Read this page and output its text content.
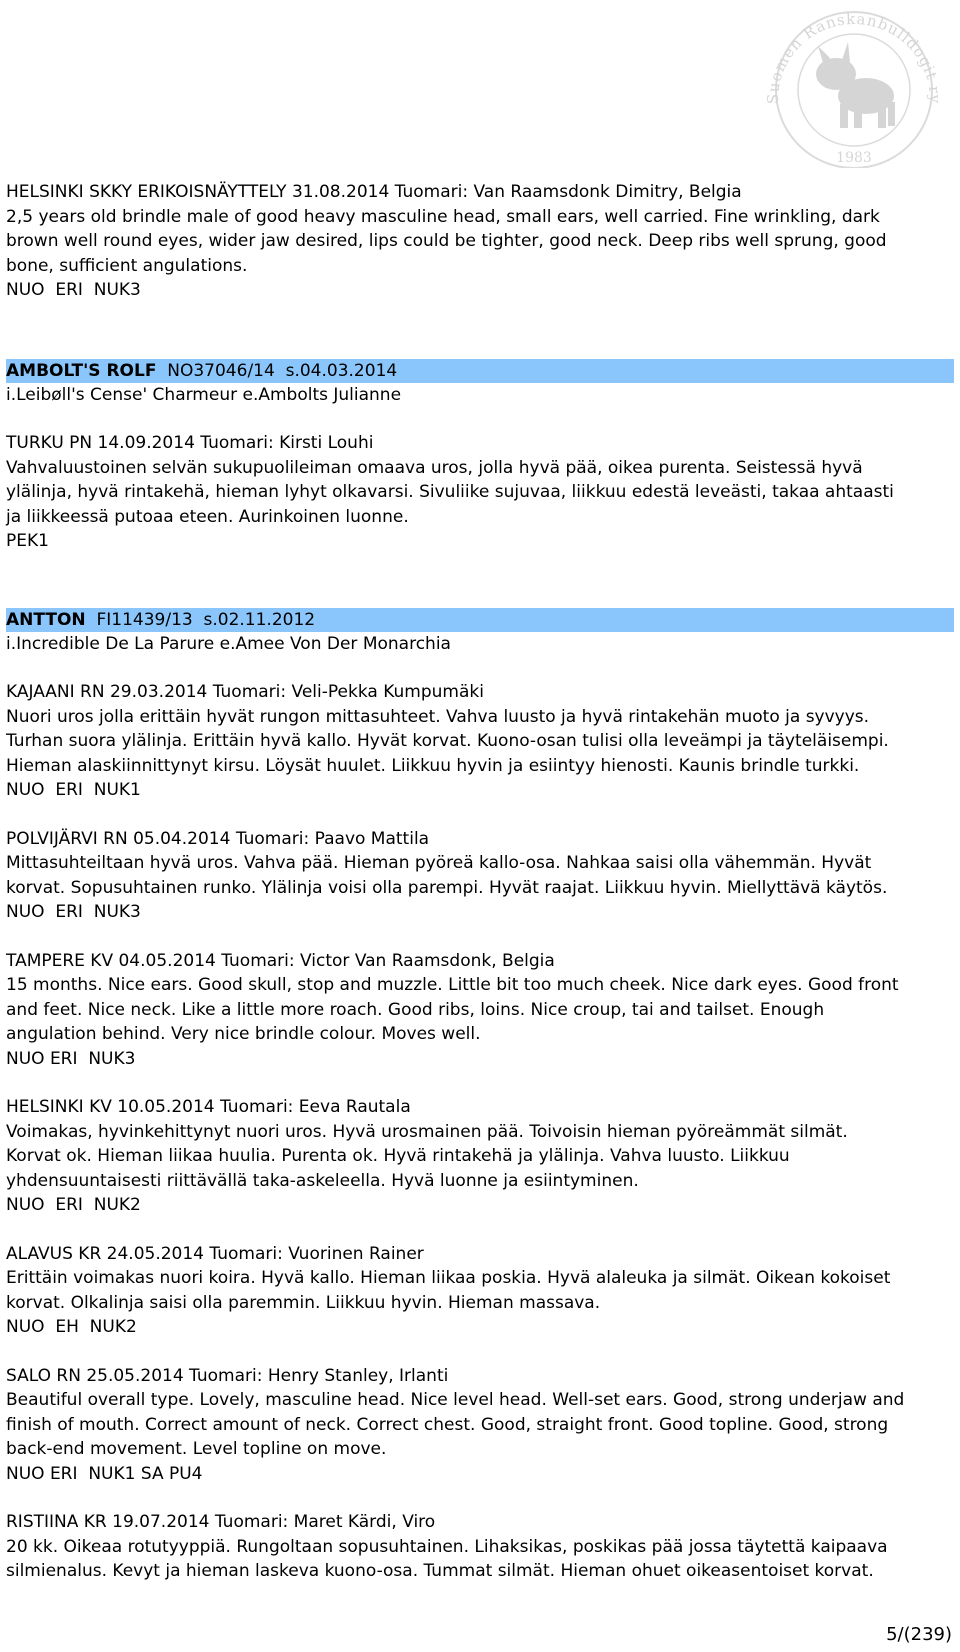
Suomen Ranskanbulldogit ry
1983
HELSINKI SKKY ERIKOISNÄYTTELY 31.08.2014 Tuomari: Van Raamsdonk Dimitry, Belgia
2,5 years old brindle male of good heavy masculine head, small ears, well carried. Fine wrinkling, dark
brown well round eyes, wider jaw desired, lips could be tighter, good neck. Deep ribs well sprung, good
bone, sufficient angulations.
NUO  ERI  NUK3
AMBOLT'S ROLF  NO37046/14  s.04.03.2014
i.Leibøll's Cense' Charmeur e.Ambolts Julianne
TURKU PN 14.09.2014 Tuomari: Kirsti Louhi
Vahvaluustoinen selvän sukupuolileiman omaava uros, jolla hyvä pää, oikea purenta. Seistessä hyvä
ylälinja, hyvä rintakehä, hieman lyhyt olkavarsi. Sivuliike sujuvaa, liikkuu edestä leveästi, takaa ahtaasti
ja liikkeessä putoaa eteen. Aurinkoinen luonne.
PEK1
ANTTON  FI11439/13  s.02.11.2012
i.Incredible De La Parure e.Amee Von Der Monarchia
KAJAANI RN 29.03.2014 Tuomari: Veli-Pekka Kumpumäki
Nuori uros jolla erittäin hyvät rungon mittasuhteet. Vahva luusto ja hyvä rintakehän muoto ja syvyys.
Turhan suora ylälinja. Erittäin hyvä kallo. Hyvät korvat. Kuono-osan tulisi olla leveämpi ja täyteläisempi.
Hieman alaskiinnittynyt kirsu. Löysät huulet. Liikkuu hyvin ja esiintyy hienosti. Kaunis brindle turkki.
NUO  ERI  NUK1
POLVIJÄRVI RN 05.04.2014 Tuomari: Paavo Mattila
Mittasuhteiltaan hyvä uros. Vahva pää. Hieman pyöreä kallo-osa. Nahkaa saisi olla vähemmän. Hyvät
korvat. Sopusuhtainen runko. Ylälinja voisi olla parempi. Hyvät raajat. Liikkuu hyvin. Miellyttävä käytös.
NUO  ERI  NUK3
TAMPERE KV 04.05.2014 Tuomari: Victor Van Raamsdonk, Belgia
15 months. Nice ears. Good skull, stop and muzzle. Little bit too much cheek. Nice dark eyes. Good front
and feet. Nice neck. Like a little more roach. Good ribs, loins. Nice croup, tai and tailset. Enough
angulation behind. Very nice brindle colour. Moves well.
NUO ERI  NUK3
HELSINKI KV 10.05.2014 Tuomari: Eeva Rautala
Voimakas, hyvinkehittynyt nuori uros. Hyvä urosmainen pää. Toivoisin hieman pyöreämmät silmät.
Korvat ok. Hieman liikaa huulia. Purenta ok. Hyvä rintakehä ja ylälinja. Vahva luusto. Liikkuu
yhdensuuntaisesti riittävällä taka-askeleella. Hyvä luonne ja esiintyminen.
NUO  ERI  NUK2
ALAVUS KR 24.05.2014 Tuomari: Vuorinen Rainer
Erittäin voimakas nuori koira. Hyvä kallo. Hieman liikaa poskia. Hyvä alaleuka ja silmät. Oikean kokoiset
korvat. Olkalinja saisi olla paremmin. Liikkuu hyvin. Hieman massava.
NUO  EH  NUK2
SALO RN 25.05.2014 Tuomari: Henry Stanley, Irlanti
Beautiful overall type. Lovely, masculine head. Nice level head. Well-set ears. Good, strong underjaw and
finish of mouth. Correct amount of neck. Correct chest. Good, straight front. Good topline. Good, strong
back-end movement. Level topline on move.
NUO ERI  NUK1 SA PU4
RISTIINA KR 19.07.2014 Tuomari: Maret Kärdi, Viro
20 kk. Oikeaa rotutyyppiä. Rungoltaan sopusuhtainen. Lihaksikas, poskikas pää jossa täytettä kaipaava
silmienalus. Kevyt ja hieman laskeva kuono-osa. Tummat silmät. Hieman ohuet oikeasentoiset korvat.
5/(239)
